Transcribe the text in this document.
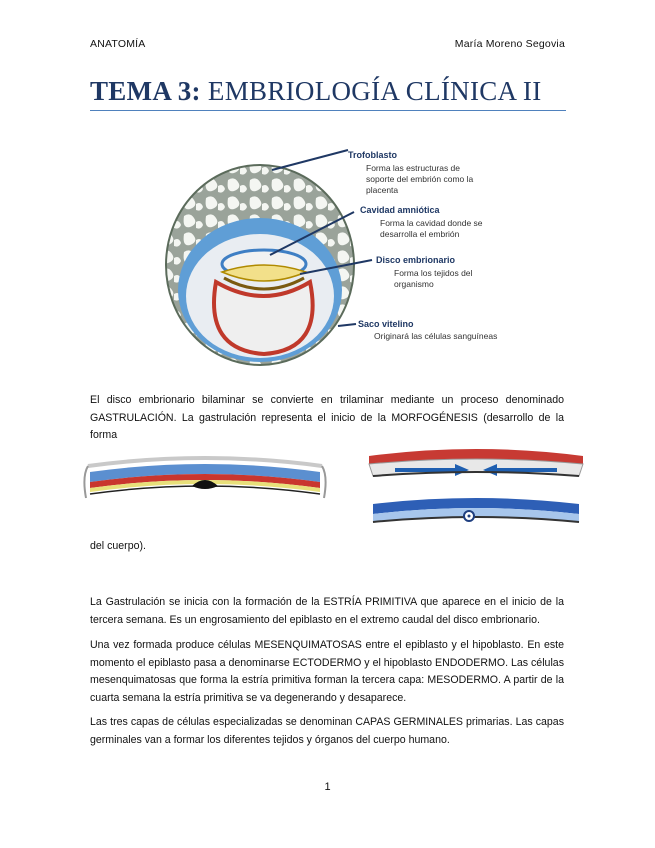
ANATOMÍA	María Moreno Segovia
TEMA 3: EMBRIOLOGÍA CLÍNICA II
Trofoblasto
Forma las estructuras de
soporte del embrión como la
placenta
Cavidad amniótica
Forma la cavidad donde se
desarrolla el embrión
Disco embrionario
Forma los tejidos del
organismo
Saco vitelino
Originará las células sanguíneas

El disco embrionario bilaminar se convierte en trilaminar mediante un proceso denominado GASTRULACIÓN. La gastrulación representa el inicio de la MORFOGÉNESIS (desarrollo de la forma

del cuerpo).

La Gastrulación se inicia con la formación de la ESTRÍA PRIMITIVA que aparece en el inicio de la tercera semana. Es un engrosamiento del epiblasto en el extremo caudal del disco embrionario.

Una vez formada produce células MESENQUIMATOSAS entre el epiblasto y el hipoblasto. En este momento el epiblasto pasa a denominarse ECTODERMO y el hipoblasto ENDODERMO. Las células mesenquimatosas que forma la estría primitiva forman la tercera capa: MESODERMO. A partir de la cuarta semana la estría primitiva se va degenerando y desaparece.

Las tres capas de células especializadas se denominan CAPAS GERMINALES primarias. Las capas germinales van a formar los diferentes tejidos y órganos del cuerpo humano.

1
